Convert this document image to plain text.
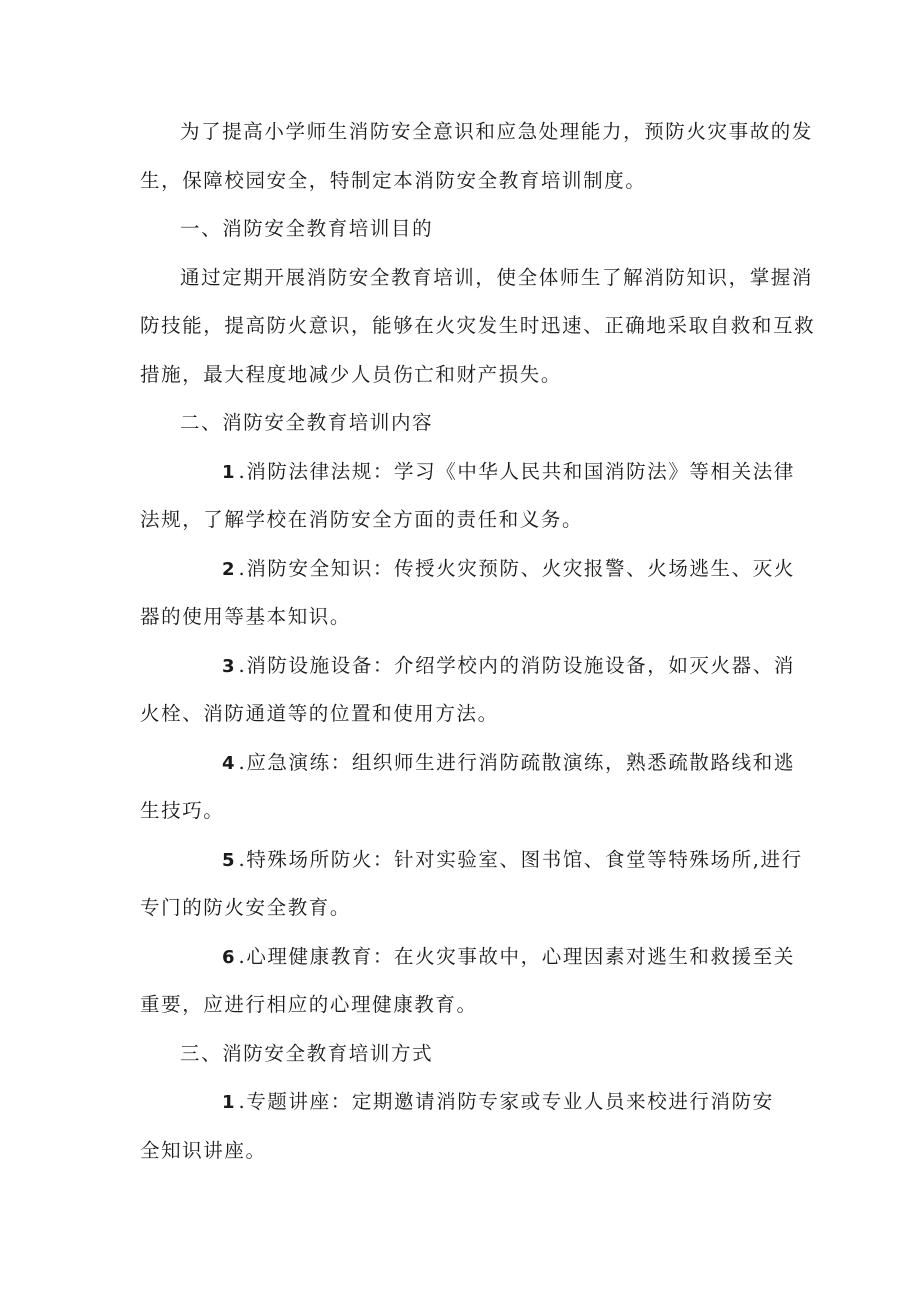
为了提高小学师生消防安全意识和应急处理能力，预防火灾事故的发
生，保障校园安全，特制定本消防安全教育培训制度。
一、消防安全教育培训目的
通过定期开展消防安全教育培训，使全体师生了解消防知识，掌握消
防技能，提高防火意识，能够在火灾发生时迅速、正确地采取自救和互救
措施，最大程度地减少人员伤亡和财产损失。
二、消防安全教育培训内容
1 .消防法律法规：学习《中华人民共和国消防法》等相关法律
法规，了解学校在消防安全方面的责任和义务。
2 .消防安全知识：传授火灾预防、火灾报警、火场逃生、灭火
器的使用等基本知识。
3 .消防设施设备：介绍学校内的消防设施设备，如灭火器、消
火栓、消防通道等的位置和使用方法。
4 .应急演练：组织师生进行消防疏散演练，熟悉疏散路线和逃
生技巧。
5 .特殊场所防火：针对实验室、图书馆、食堂等特殊场所,进行
专门的防火安全教育。
6 .心理健康教育：在火灾事故中，心理因素对逃生和救援至关
重要，应进行相应的心理健康教育。
三、消防安全教育培训方式
1 .专题讲座：定期邀请消防专家或专业人员来校进行消防安
全知识讲座。
